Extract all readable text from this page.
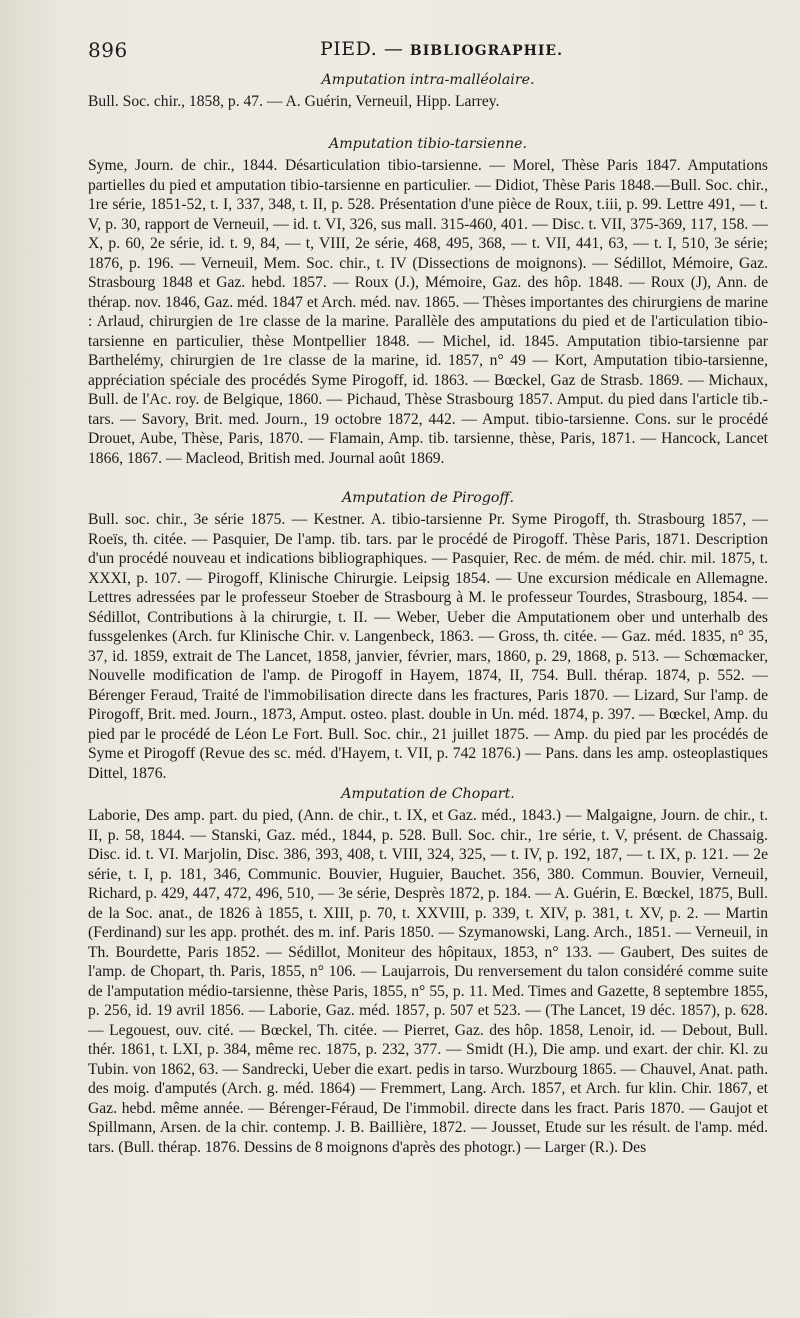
896	PIED. — BIBLIOGRAPHIE.
Amputation intra-malléolaire.

Bull. Soc. chir., 1858, p. 47. — A. Guérin, Verneuil, Hipp. Larrey.

Amputation tibio-tarsienne.

Syme, Journ. de chir., 1844. Désarticulation tibio-tarsienne. — Morel, Thèse Paris 1847. Amputations partielles du pied et amputation tibio-tarsienne en particulier. — Didiot, Thèse Paris 1848.—Bull. Soc. chir., 1re série, 1851-52, t. I, 337, 348, t. II, p. 528. Présentation d'une pièce de Roux, t.iii, p. 99. Lettre 491, — t. V, p. 30, rapport de Verneuil, — id. t. VI, 326, sus mall. 315-460, 401. — Disc. t. VII, 375-369, 117, 158. — X, p. 60, 2e série, id. t. 9, 84, — t, VIII, 2e série, 468, 495, 368, — t. VII, 441, 63, — t. I, 510, 3e série; 1876, p. 196. — Verneuil, Mem. Soc. chir., t. IV (Dissections de moignons). — Sédillot, Mémoire, Gaz. Strasbourg 1848 et Gaz. hebd. 1857. — Roux (J.), Mémoire, Gaz. des hôp. 1848. — Roux (J), Ann. de thérap. nov. 1846, Gaz. méd. 1847 et Arch. méd. nav. 1865. — Thèses importantes des chirurgiens de marine : Arlaud, chirurgien de 1re classe de la marine. Parallèle des amputations du pied et de l'articulation tibio-tarsienne en particulier, thèse Montpellier 1848. — Michel, id. 1845. Amputation tibio-tarsienne par Barthelémy, chirurgien de 1re classe de la marine, id. 1857, n° 49 — Kort, Amputation tibio-tarsienne, appréciation spéciale des procédés Syme Pirogoff, id. 1863. — Bœckel, Gaz de Strasb. 1869. — Michaux, Bull. de l'Ac. roy. de Belgique, 1860. — Pichaud, Thèse Strasbourg 1857. Amput. du pied dans l'article tib.-tars. — Savory, Brit. med. Journ., 19 octobre 1872, 442. — Amput. tibio-tarsienne. Cons. sur le procédé Drouet, Aube, Thèse, Paris, 1870. — Flamain, Amp. tib. tarsienne, thèse, Paris, 1871. — Hancock, Lancet 1866, 1867. — Macleod, British med. Journal août 1869.

Amputation de Pirogoff.

Bull. soc. chir., 3e série 1875. — Kestner. A. tibio-tarsienne Pr. Syme Pirogoff, th. Strasbourg 1857, — Roeïs, th. citée. — Pasquier, De l'amp. tib. tars. par le procédé de Pirogoff. Thèse Paris, 1871. Description d'un procédé nouveau et indications bibliographiques. — Pasquier, Rec. de mém. de méd. chir. mil. 1875, t. XXXI, p. 107. — Pirogoff, Klinische Chirurgie. Leipsig 1854. — Une excursion médicale en Allemagne. Lettres adressées par le professeur Stoeber de Strasbourg à M. le professeur Tourdes, Strasbourg, 1854. — Sédillot, Contributions à la chirurgie, t. II. — Weber, Ueber die Amputationem ober und unterhalb des fussgelenkes (Arch. fur Klinische Chir. v. Langenbeck, 1863. — Gross, th. citée. — Gaz. méd. 1835, n° 35, 37, id. 1859, extrait de The Lancet, 1858, janvier, février, mars, 1860, p. 29, 1868, p. 513. — Schœmacker, Nouvelle modification de l'amp. de Pirogoff in Hayem, 1874, II, 754. Bull. thérap. 1874, p. 552. — Bérenger Feraud, Traité de l'immobilisation directe dans les fractures, Paris 1870. — Lizard, Sur l'amp. de Pirogoff, Brit. med. Journ., 1873, Amput. osteo. plast. double in Un. méd. 1874, p. 397. — Bœckel, Amp. du pied par le procédé de Léon Le Fort. Bull. Soc. chir., 21 juillet 1875. — Amp. du pied par les procédés de Syme et Pirogoff (Revue des sc. méd. d'Hayem, t. VII, p. 742 1876.) — Pans. dans les amp. osteoplastiques Dittel, 1876.

Amputation de Chopart.

Laborie, Des amp. part. du pied, (Ann. de chir., t. IX, et Gaz. méd., 1843.) — Malgaigne, Journ. de chir., t. II, p. 58, 1844. — Stanski, Gaz. méd., 1844, p. 528. Bull. Soc. chir., 1re série, t. V, présent. de Chassaig. Disc. id. t. VI. Marjolin, Disc. 386, 393, 408, t. VIII, 324, 325, — t. IV, p. 192, 187, — t. IX, p. 121. — 2e série, t. I, p. 181, 346, Communic. Bouvier, Huguier, Bauchet. 356, 380. Commun. Bouvier, Verneuil, Richard, p. 429, 447, 472, 496, 510, — 3e série, Desprès 1872, p. 184. — A. Guérin, E. Bœckel, 1875, Bull. de la Soc. anat., de 1826 à 1855, t. XIII, p. 70, t. XXVIII, p. 339, t. XIV, p. 381, t. XV, p. 2. — Martin (Ferdinand) sur les app. prothét. des m. inf. Paris 1850. — Szymanowski, Lang. Arch., 1851. — Verneuil, in Th. Bourdette, Paris 1852. — Sédillot, Moniteur des hôpitaux, 1853, n° 133. — Gaubert, Des suites de l'amp. de Chopart, th. Paris, 1855, n° 106. — Laujarrois, Du renversement du talon considéré comme suite de l'amputation médio-tarsienne, thèse Paris, 1855, n° 55, p. 11. Med. Times and Gazette, 8 septembre 1855, p. 256, id. 19 avril 1856. — Laborie, Gaz. méd. 1857, p. 507 et 523. — (The Lancet, 19 déc. 1857), p. 628. — Legouest, ouv. cité. — Bœckel, Th. citée. — Pierret, Gaz. des hôp. 1858, Lenoir, id. — Debout, Bull. thér. 1861, t. LXI, p. 384, même rec. 1875, p. 232, 377. — Smidt (H.), Die amp. und exart. der chir. Kl. zu Tubin. von 1862, 63. — Sandrecki, Ueber die exart. pedis in tarso. Wurzbourg 1865. — Chauvel, Anat. path. des moig. d'amputés (Arch. g. méd. 1864) — Fremmert, Lang. Arch. 1857, et Arch. fur klin. Chir. 1867, et Gaz. hebd. même année. — Bérenger-Féraud, De l'immobil. directe dans les fract. Paris 1870. — Gaujot et Spillmann, Arsen. de la chir. contemp. J. B. Baillière, 1872. — Jousset, Etude sur les résult. de l'amp. méd. tars. (Bull. thérap. 1876. Dessins de 8 moignons d'après des photogr.) — Larger (R.). Des
